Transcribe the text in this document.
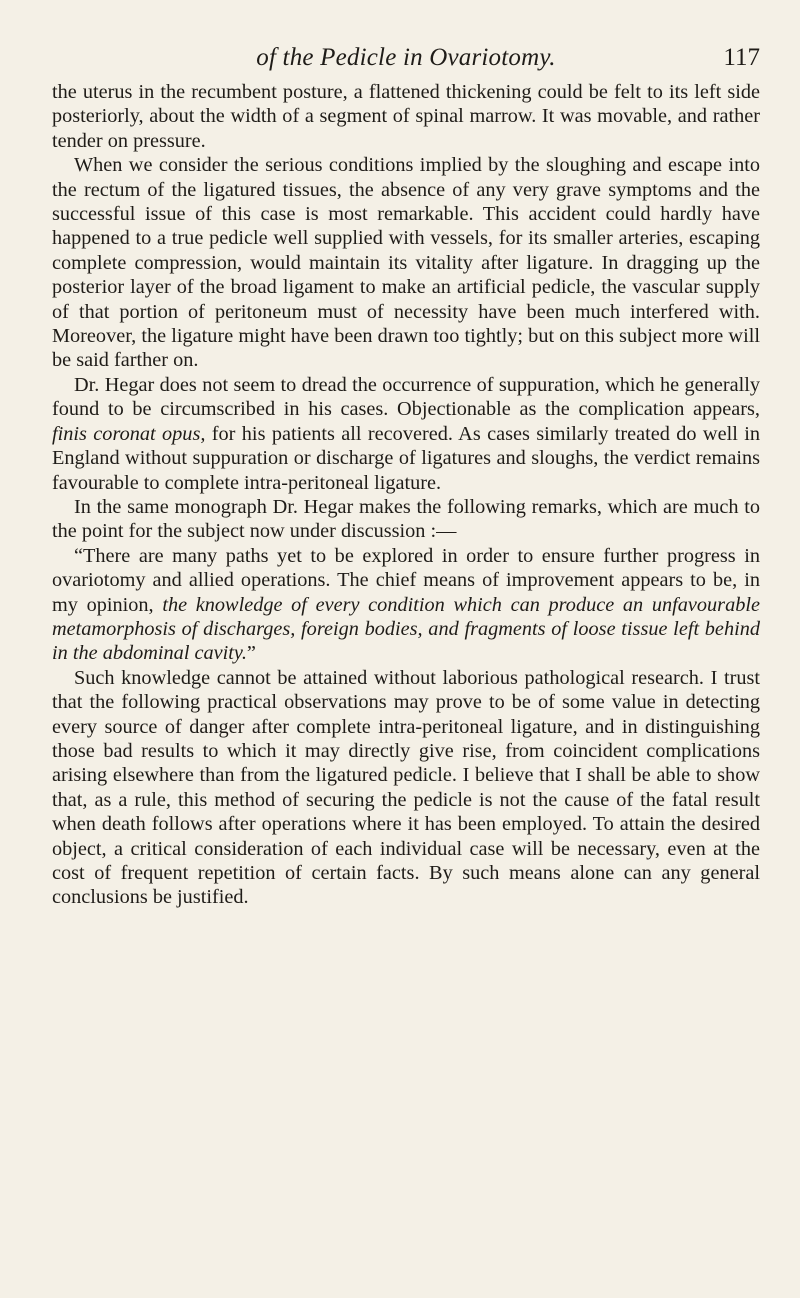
of the Pedicle in Ovariotomy.	117

the uterus in the recumbent posture, a flattened thickening could be felt to its left side posteriorly, about the width of a segment of spinal marrow. It was movable, and rather tender on pressure.

When we consider the serious conditions implied by the sloughing and escape into the rectum of the ligatured tissues, the absence of any very grave symptoms and the successful issue of this case is most remarkable. This accident could hardly have happened to a true pedicle well supplied with vessels, for its smaller arteries, escaping complete compression, would maintain its vitality after ligature. In dragging up the posterior layer of the broad ligament to make an artificial pedicle, the vascular supply of that portion of peritoneum must of necessity have been much interfered with. Moreover, the ligature might have been drawn too tightly; but on this subject more will be said farther on.

Dr. Hegar does not seem to dread the occurrence of suppuration, which he generally found to be circumscribed in his cases. Objectionable as the complication appears, finis coronat opus, for his patients all recovered. As cases similarly treated do well in England without suppuration or discharge of ligatures and sloughs, the verdict remains favourable to complete intra-peritoneal ligature.

In the same monograph Dr. Hegar makes the following remarks, which are much to the point for the subject now under discussion :—

“There are many paths yet to be explored in order to ensure further progress in ovariotomy and allied operations. The chief means of improvement appears to be, in my opinion, the knowledge of every condition which can produce an unfavourable metamorphosis of discharges, foreign bodies, and fragments of loose tissue left behind in the abdominal cavity.”

Such knowledge cannot be attained without laborious pathological research. I trust that the following practical observations may prove to be of some value in detecting every source of danger after complete intra-peritoneal ligature, and in distinguishing those bad results to which it may directly give rise, from coincident complications arising elsewhere than from the ligatured pedicle. I believe that I shall be able to show that, as a rule, this method of securing the pedicle is not the cause of the fatal result when death follows after operations where it has been employed. To attain the desired object, a critical consideration of each individual case will be necessary, even at the cost of frequent repetition of certain facts. By such means alone can any general conclusions be justified.
